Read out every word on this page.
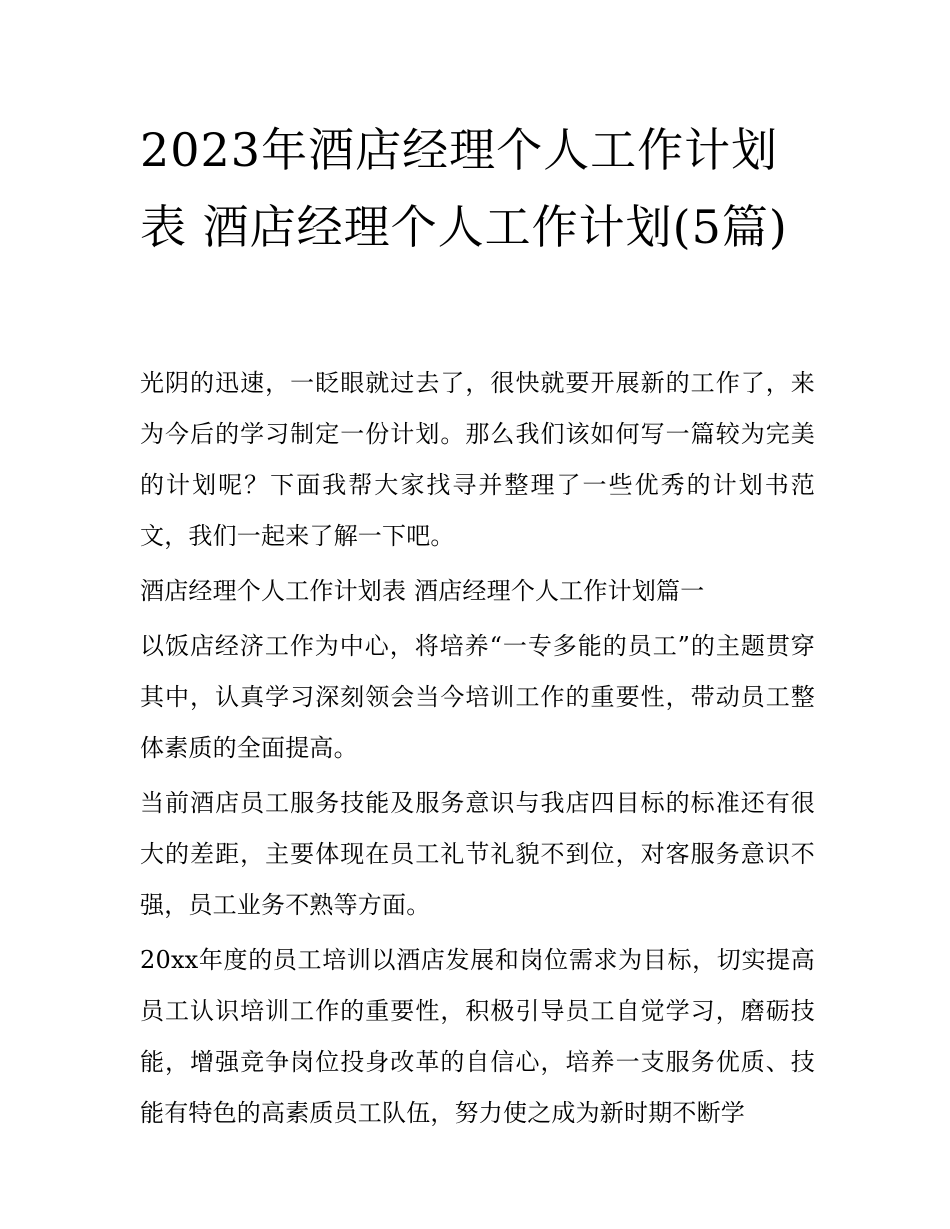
2023年酒店经理个人工作计划表 酒店经理个人工作计划(5篇)

光阴的迅速，一眨眼就过去了，很快就要开展新的工作了，来为今后的学习制定一份计划。那么我们该如何写一篇较为完美的计划呢？下面我帮大家找寻并整理了一些优秀的计划书范文，我们一起来了解一下吧。

酒店经理个人工作计划表 酒店经理个人工作计划篇一

以饭店经济工作为中心，将培养“一专多能的员工”的主题贯穿其中，认真学习深刻领会当今培训工作的重要性，带动员工整体素质的全面提高。

当前酒店员工服务技能及服务意识与我店四目标的标准还有很大的差距，主要体现在员工礼节礼貌不到位，对客服务意识不强，员工业务不熟等方面。

20xx年度的员工培训以酒店发展和岗位需求为目标，切实提高员工认识培训工作的重要性，积极引导员工自觉学习，磨砺技能，增强竞争岗位投身改革的自信心，培养一支服务优质、技能有特色的高素质员工队伍，努力使之成为新时期不断学
